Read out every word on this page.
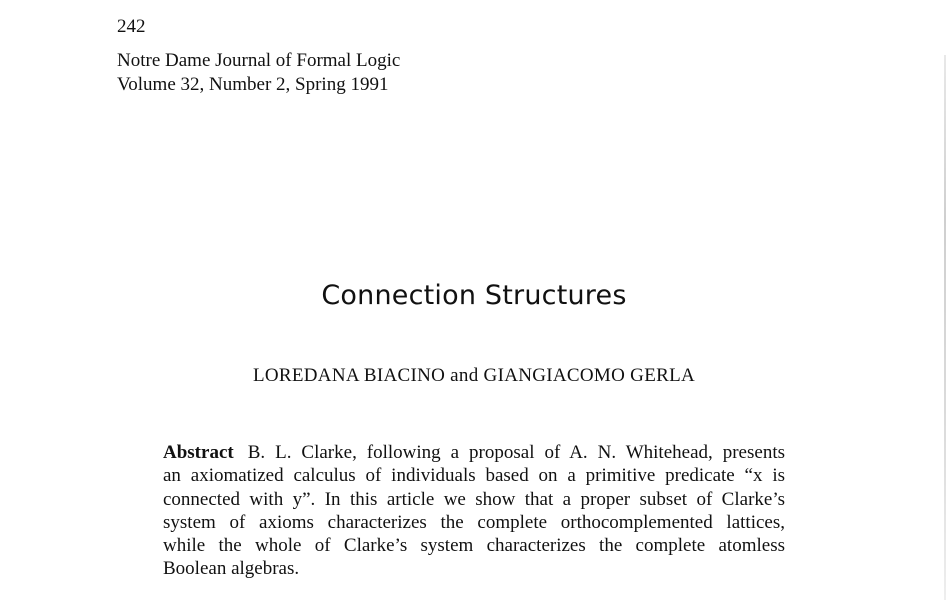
242
Notre Dame Journal of Formal Logic
Volume 32, Number 2, Spring 1991
Connection Structures
LOREDANA BIACINO and GIANGIACOMO GERLA
Abstract B. L. Clarke, following a proposal of A. N. Whitehead, presents
an axiomatized calculus of individuals based on a primitive predicate “x is
connected with y”. In this article we show that a proper subset of Clarke’s
system of axioms characterizes the complete orthocomplemented lattices,
while the whole of Clarke’s system characterizes the complete atomless
Boolean algebras.
